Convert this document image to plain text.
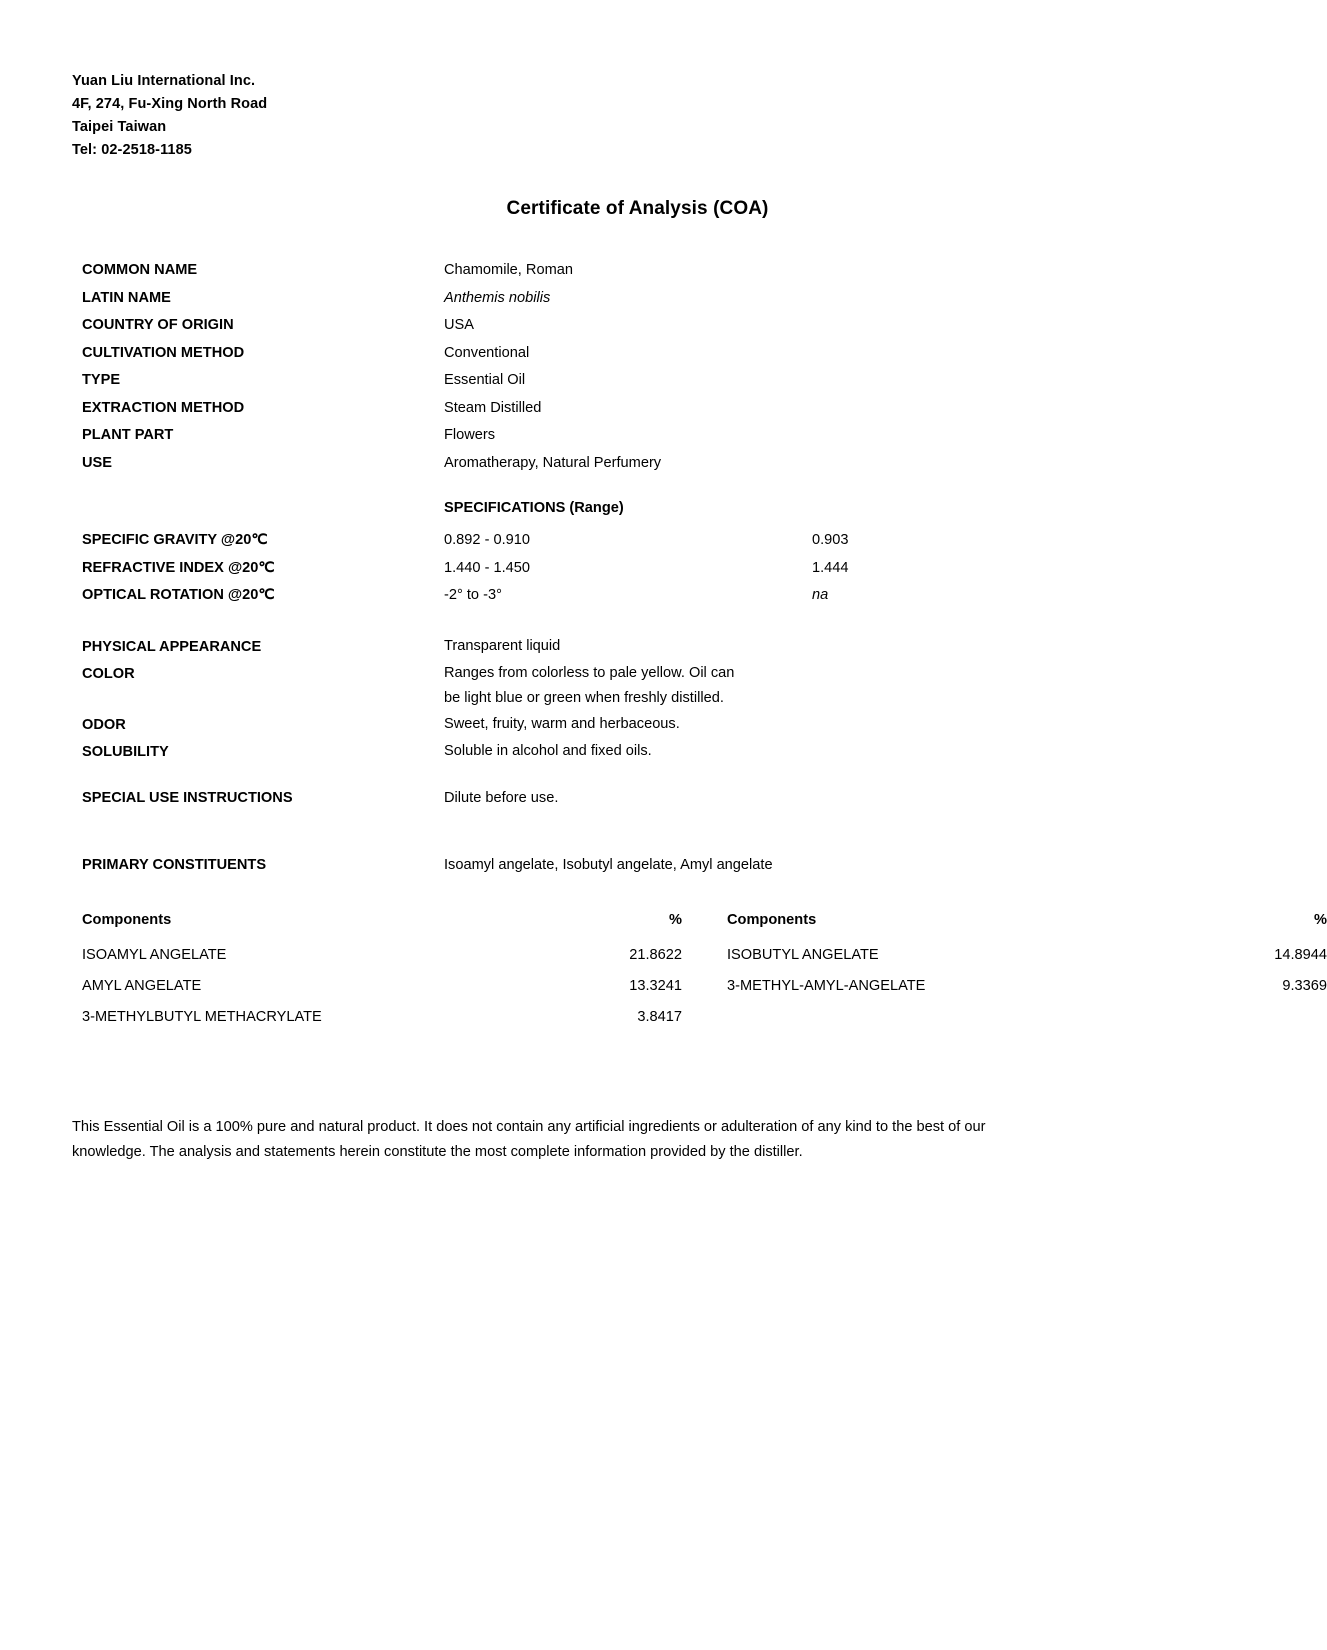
Yuan Liu International Inc.
4F, 274, Fu-Xing North Road
Taipei Taiwan
Tel: 02-2518-1185
Certificate of Analysis (COA)
COMMON NAME	Chamomile, Roman
LATIN NAME	Anthemis nobilis
COUNTRY OF ORIGIN	USA
CULTIVATION METHOD	Conventional
TYPE	Essential Oil
EXTRACTION METHOD	Steam Distilled
PLANT PART	Flowers
USE	Aromatherapy, Natural Perfumery
SPECIFICATIONS (Range)
SPECIFIC GRAVITY @20℃	0.892 - 0.910	0.903
REFRACTIVE INDEX @20℃	1.440 - 1.450	1.444
OPTICAL ROTATION @20℃	-2° to -3°	na
PHYSICAL APPEARANCE	Transparent liquid
COLOR	Ranges from colorless to pale yellow. Oil can
be light blue or green when freshly distilled.
ODOR	Sweet, fruity, warm and herbaceous.
SOLUBILITY	Soluble in alcohol and fixed oils.
SPECIAL USE INSTRUCTIONS	Dilute before use.
PRIMARY CONSTITUENTS	Isoamyl angelate, Isobutyl angelate, Amyl angelate
Components	%	Components	%
ISOAMYL ANGELATE	21.8622	ISOBUTYL ANGELATE	14.8944
AMYL ANGELATE	13.3241	3-METHYL-AMYL-ANGELATE	9.3369
3-METHYLBUTYL METHACRYLATE	3.8417
This Essential Oil is a 100% pure and natural product. It does not contain any artificial ingredients or adulteration of any kind to the best of our
knowledge. The analysis and statements herein constitute the most complete information provided by the distiller.
